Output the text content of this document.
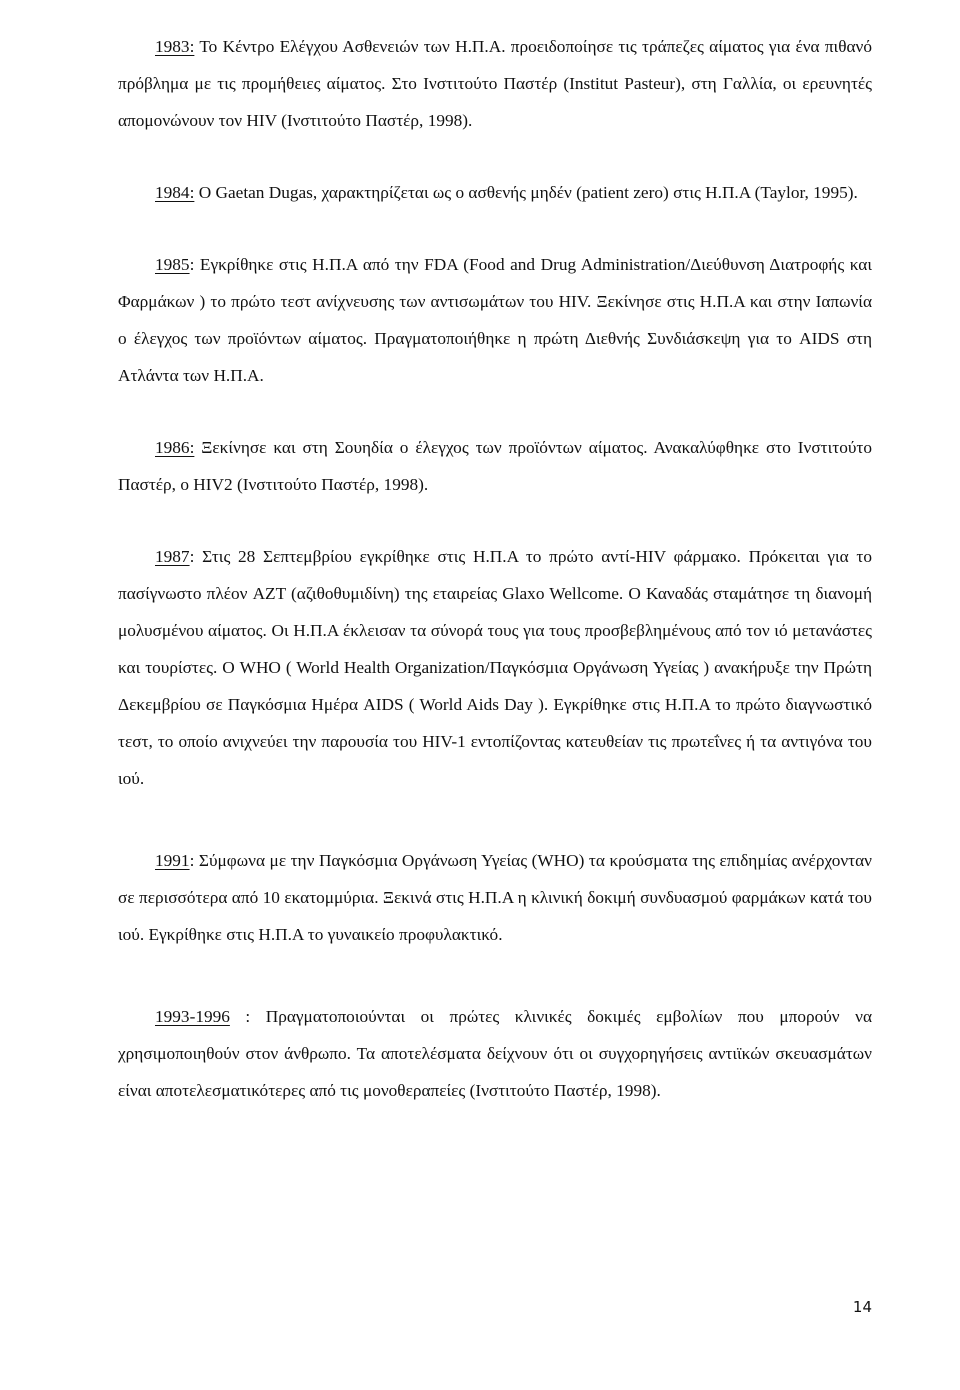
1983: Το Κέντρο Ελέγχου Ασθενειών των Η.Π.Α. προειδοποίησε τις τράπεζες αίματος για ένα πιθανό πρόβλημα με τις προμήθειες αίματος. Στο Ινστιτούτο Παστέρ (Institut Pasteur), στη Γαλλία, οι ερευνητές απομονώνουν τον HIV (Ινστιτούτο Παστέρ, 1998).

1984: O Gaetan Dugas, χαρακτηρίζεται ως ο ασθενής μηδέν (patient zero) στις Η.Π.Α (Taylor, 1995).

1985: Εγκρίθηκε στις Η.Π.Α από την FDA (Food and Drug Administration/Διεύθυνση Διατροφής και Φαρμάκων ) το πρώτο τεστ ανίχνευσης των αντισωμάτων του HIV. Ξεκίνησε στις Η.Π.Α και στην Ιαπωνία ο έλεγχος των προϊόντων αίματος. Πραγματοποιήθηκε η πρώτη Διεθνής Συνδιάσκεψη για το AIDS στη Ατλάντα των Η.Π.Α.

1986: Ξεκίνησε και στη Σουηδία ο έλεγχος των προϊόντων αίματος. Ανακαλύφθηκε στο Ινστιτούτο Παστέρ, ο HIV2 (Ινστιτούτο Παστέρ, 1998).

1987: Στις 28 Σεπτεμβρίου εγκρίθηκε στις Η.Π.Α το πρώτο αντί-HIV φάρμακο. Πρόκειται για το πασίγνωστο πλέον AZT (αζιθοθυμιδίνη) της εταιρείας Glaxo Wellcome. Ο Καναδάς σταμάτησε τη διανομή μολυσμένου αίματος. Οι Η.Π.Α έκλεισαν τα σύνορά τους για τους προσβεβλημένους από τον ιό μετανάστες και τουρίστες. Ο WHO ( World Health Organization/Παγκόσμια Οργάνωση Υγείας ) ανακήρυξε την Πρώτη Δεκεμβρίου σε Παγκόσμια Ημέρα AIDS ( World Aids Day ). Εγκρίθηκε στις Η.Π.Α το πρώτο διαγνωστικό τεστ, το οποίο ανιχνεύει την παρουσία του HIV-1 εντοπίζοντας κατευθείαν τις πρωτεΐνες ή τα αντιγόνα του ιού.

1991: Σύμφωνα με την Παγκόσμια Οργάνωση Υγείας (WHO) τα κρούσματα της επιδημίας ανέρχονταν σε περισσότερα από 10 εκατομμύρια. Ξεκινά στις Η.Π.Α η κλινική δοκιμή συνδυασμού φαρμάκων κατά του ιού. Εγκρίθηκε στις Η.Π.Α το γυναικείο προφυλακτικό.

1993-1996 : Πραγματοποιούνται οι πρώτες κλινικές δοκιμές εμβολίων που μπορούν να χρησιμοποιηθούν στον άνθρωπο. Τα αποτελέσματα δείχνουν ότι οι συγχορηγήσεις αντιϊκών σκευασμάτων είναι αποτελεσματικότερες από τις μονοθεραπείες (Ινστιτούτο Παστέρ, 1998).

14
